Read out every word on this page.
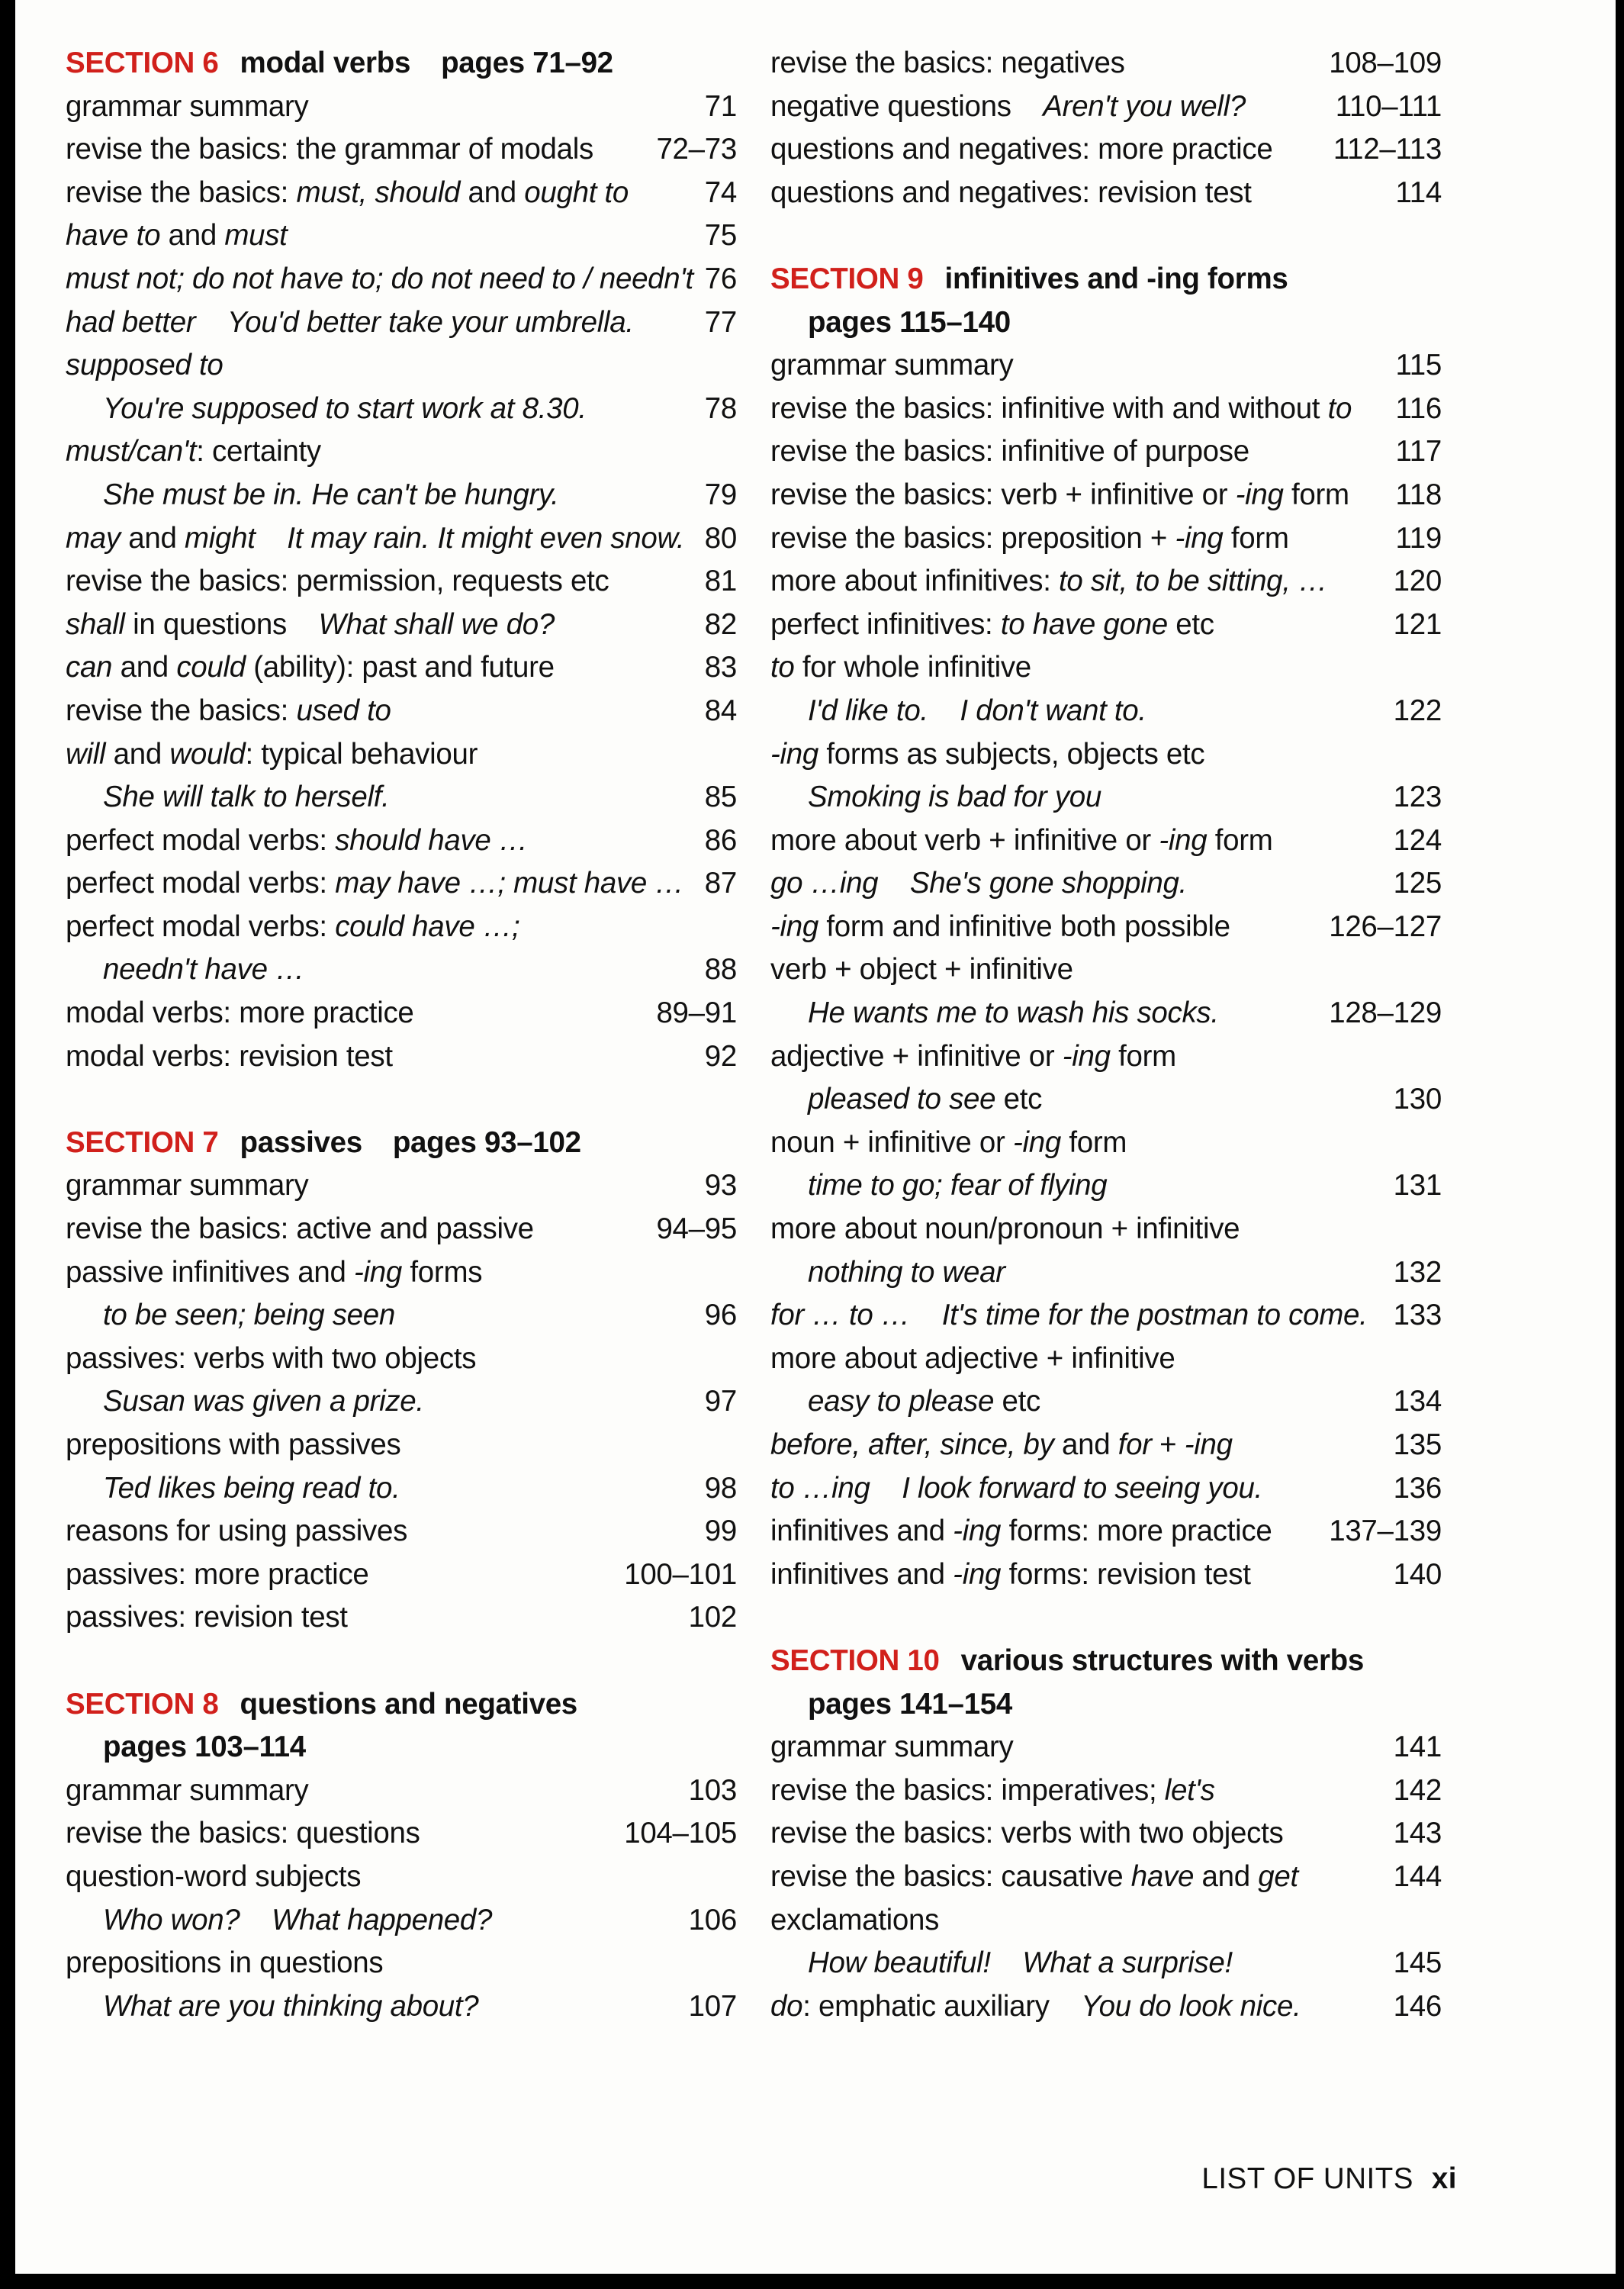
SECTION 6 modal verbs pages 71–92
grammar summary	71
revise the basics: the grammar of modals 72–73
revise the basics: must, should and ought to	74
have to and must	75
must not; do not have to; do not need to / needn't 76
had better You'd better take your umbrella. 77
supposed to
You're supposed to start work at 8.30.	78
must/can't: certainty
She must be in. He can't be hungry.	79
may and might It may rain. It might even snow. 80
revise the basics: permission, requests etc	81
shall in questions    What shall we do?	82
can and could (ability): past and future	83
revise the basics: used to	84
will and would: typical behaviour
She will talk to herself.	85
perfect modal verbs: should have …	86
perfect modal verbs: may have …; must have … 87
perfect modal verbs: could have …;
needn't have …	88
modal verbs: more practice	89–91
modal verbs: revision test	92
SECTION 7 passives pages 93–102
grammar summary	93
revise the basics: active and passive	94–95
passive infinitives and -ing forms
to be seen; being seen	96
passives: verbs with two objects
Susan was given a prize.	97
prepositions with passives
Ted likes being read to.	98
reasons for using passives	99
passives: more practice	100–101
passives: revision test	102
SECTION 8 questions and negatives
pages 103–114
grammar summary	103
revise the basics: questions	104–105
question-word subjects
Who won?    What happened?	106
prepositions in questions
What are you thinking about?	107
revise the basics: negatives	108–109
negative questions    Aren't you well?	110–111
questions and negatives: more practice 112–113
questions and negatives: revision test	114
SECTION 9 infinitives and -ing forms
pages 115–140
grammar summary	115
revise the basics: infinitive with and without to 116
revise the basics: infinitive of purpose	117
revise the basics: verb + infinitive or -ing form 118
revise the basics: preposition + -ing form	119
more about infinitives: to sit, to be sitting, … 120
perfect infinitives: to have gone etc	121
to for whole infinitive
I'd like to.    I don't want to.	122
-ing forms as subjects, objects etc
Smoking is bad for you	123
more about verb + infinitive or -ing form	124
go …ing She's gone shopping.	125
-ing form and infinitive both possible	126–127
verb + object + infinitive
He wants me to wash his socks.	128–129
adjective + infinitive or -ing form
pleased to see etc	130
noun + infinitive or -ing form
time to go; fear of flying	131
more about noun/pronoun + infinitive
nothing to wear	132
for … to … It's time for the postman to come. 133
more about adjective + infinitive
easy to please etc	134
before, after, since, by and for + -ing	135
to …ing I look forward to seeing you.	136
infinitives and -ing forms: more practice 137–139
infinitives and -ing forms: revision test	140
SECTION 10 various structures with verbs
pages 141–154
grammar summary	141
revise the basics: imperatives; let's	142
revise the basics: verbs with two objects	143
revise the basics: causative have and get	144
exclamations
How beautiful!    What a surprise!	145
do: emphatic auxiliary    You do look nice.	146
LIST OF UNITS xi
